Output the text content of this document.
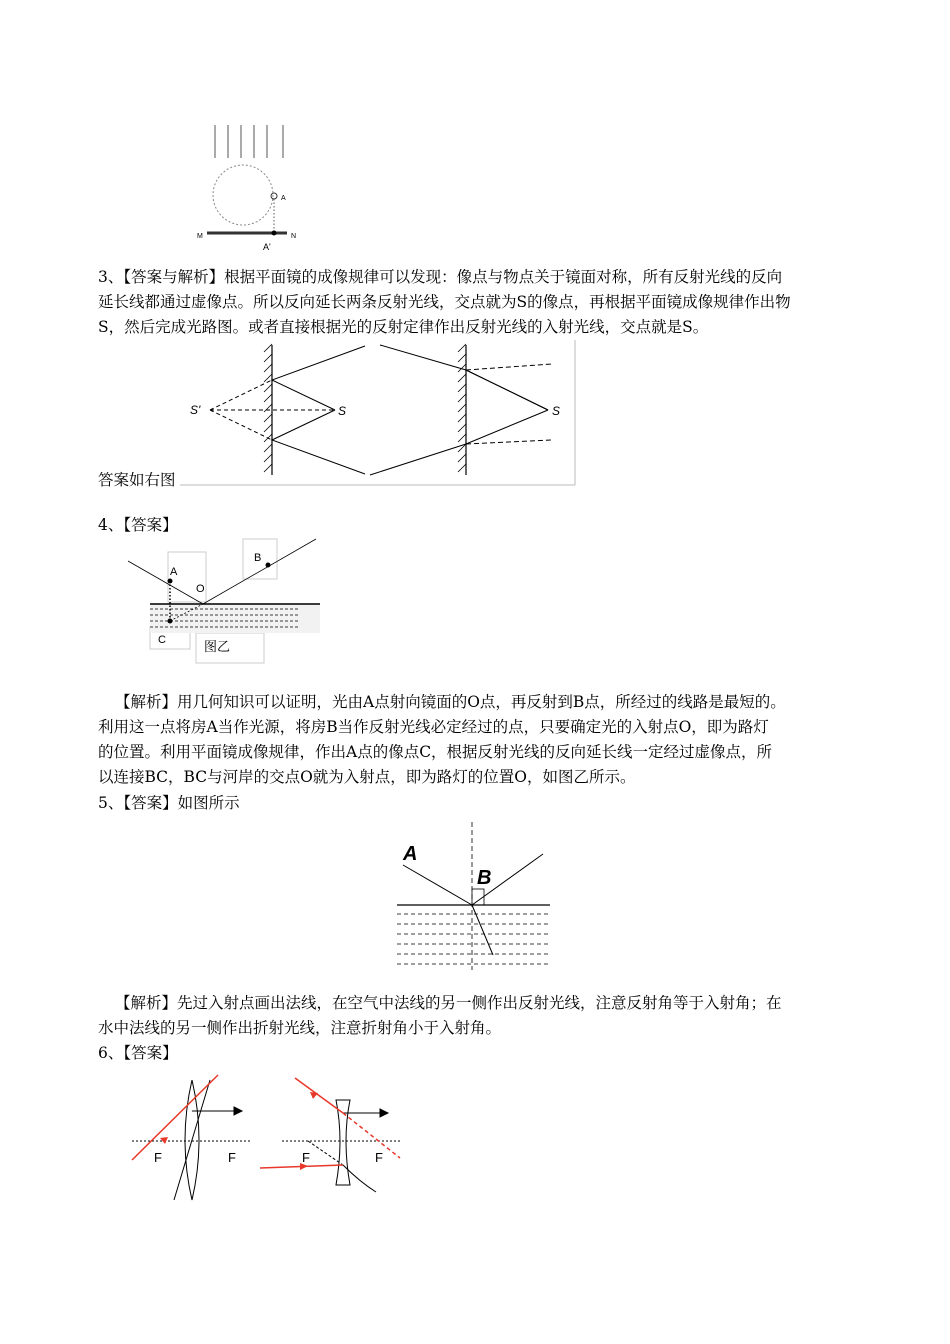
A
M	N
A'
3、【答案与解析】根据平面镜的成像规律可以发现：像点与物点关于镜面对称，所有反射光线的反向
延长线都通过虚像点。所以反向延长两条反射光线，交点就为S的像点，再根据平面镜成像规律作出物
S，然后完成光路图。或者直接根据光的反射定律作出反射光线的入射光线，交点就是S。
S'	S	S
答案如右图
4、【答案】
A
B
O
C	图乙
【解析】用几何知识可以证明，光由A点射向镜面的O点，再反射到B点，所经过的线路是最短的。
利用这一点将房A当作光源，将房B当作反射光线必定经过的点，只要确定光的入射点O，即为路灯
的位置。利用平面镜成像规律，作出A点的像点C，根据反射光线的反向延长线一定经过虚像点，所
以连接BC，BC与河岸的交点O就为入射点，即为路灯的位置O，如图乙所示。
5、【答案】如图所示
A
B
【解析】先过入射点画出法线，在空气中法线的另一侧作出反射光线，注意反射角等于入射角；在
水中法线的另一侧作出折射光线，注意折射角小于入射角。
6、【答案】
F	F	F	F
